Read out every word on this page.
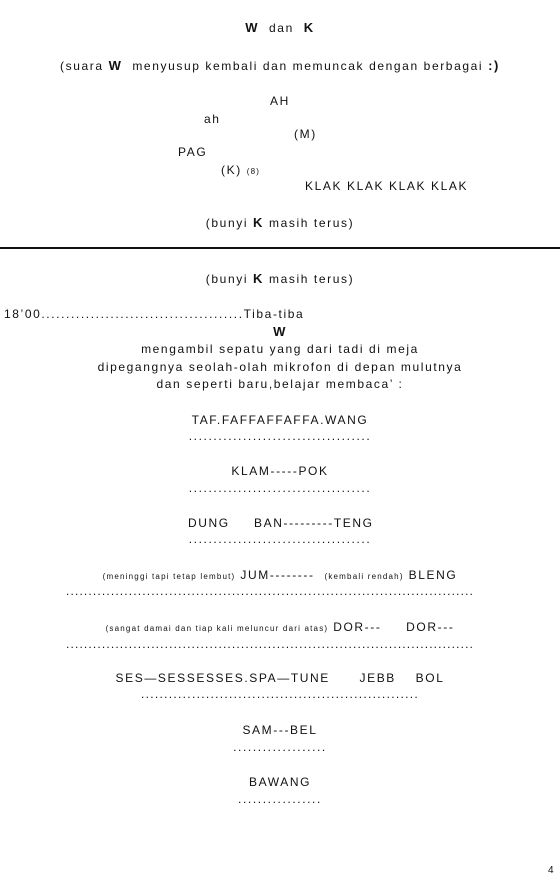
W dan K
(suara W menyusup kembali dan memuncak dengan berbagai :)
AH
ah
(M)
PAG
(K) (8)
KLAK KLAK KLAK KLAK
(bunyi K masih terus)
(bunyi K masih terus)
18’00.........................................Tiba-tiba
W
mengambil sepatu yang dari tadi di meja
dipegangnya seolah-olah mikrofon di depan mulutnya
dan seperti baru,belajar membaca’ :
TAF.FAFFAFFAFFA.WANG
.....................................
KLAM-----POK
.....................................
DUNG BAN---------TENG
.....................................
(meninggi tapi tetap lembut) JUM-------- (kembali rendah) BLENG
...........................................................................................
(sangat damai dan tiap kali meluncur dari atas) DOR--- DOR---
...........................................................................................
SES—SESSESSES.SPA—TUNE JEBB BOL
............................................................
SAM---BEL
...................
BAWANG
.................
4
